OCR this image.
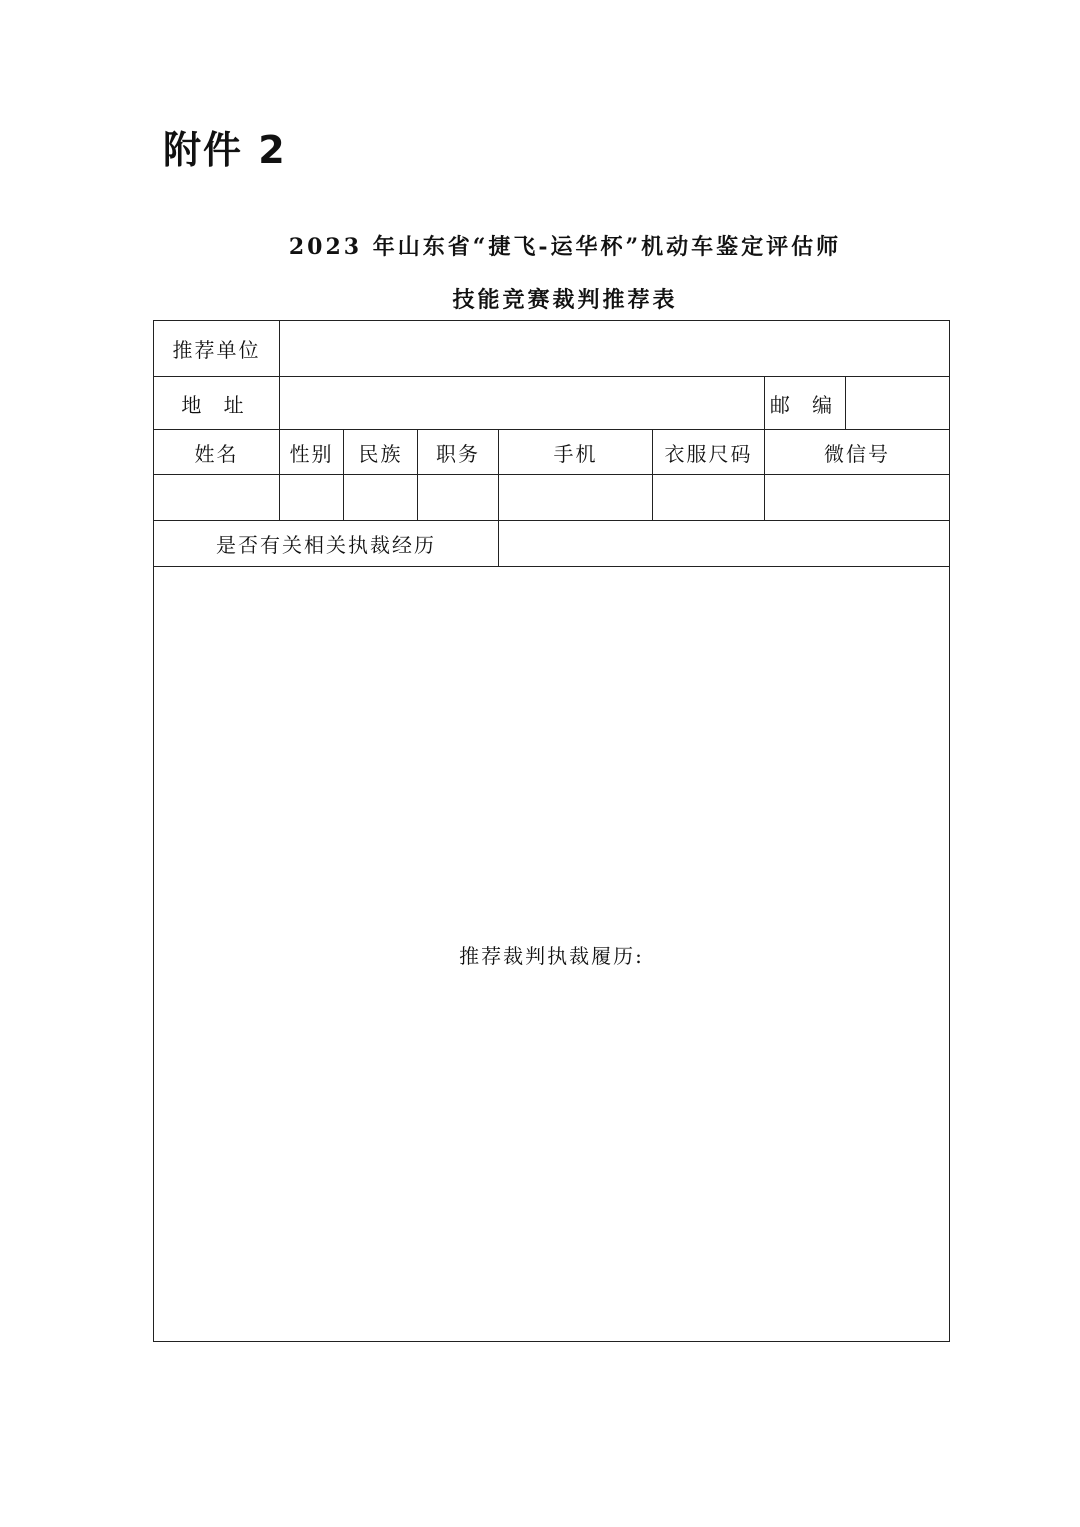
附件 2
2023 年山东省“捷飞-运华杯”机动车鉴定评估师
技能竞赛裁判推荐表
推荐单位							
地 址						邮 编	
姓名	性别	民族	职务	手机	衣服尺码	微信号	

是否有关相关执裁经历							
推荐裁判执裁履历:							
